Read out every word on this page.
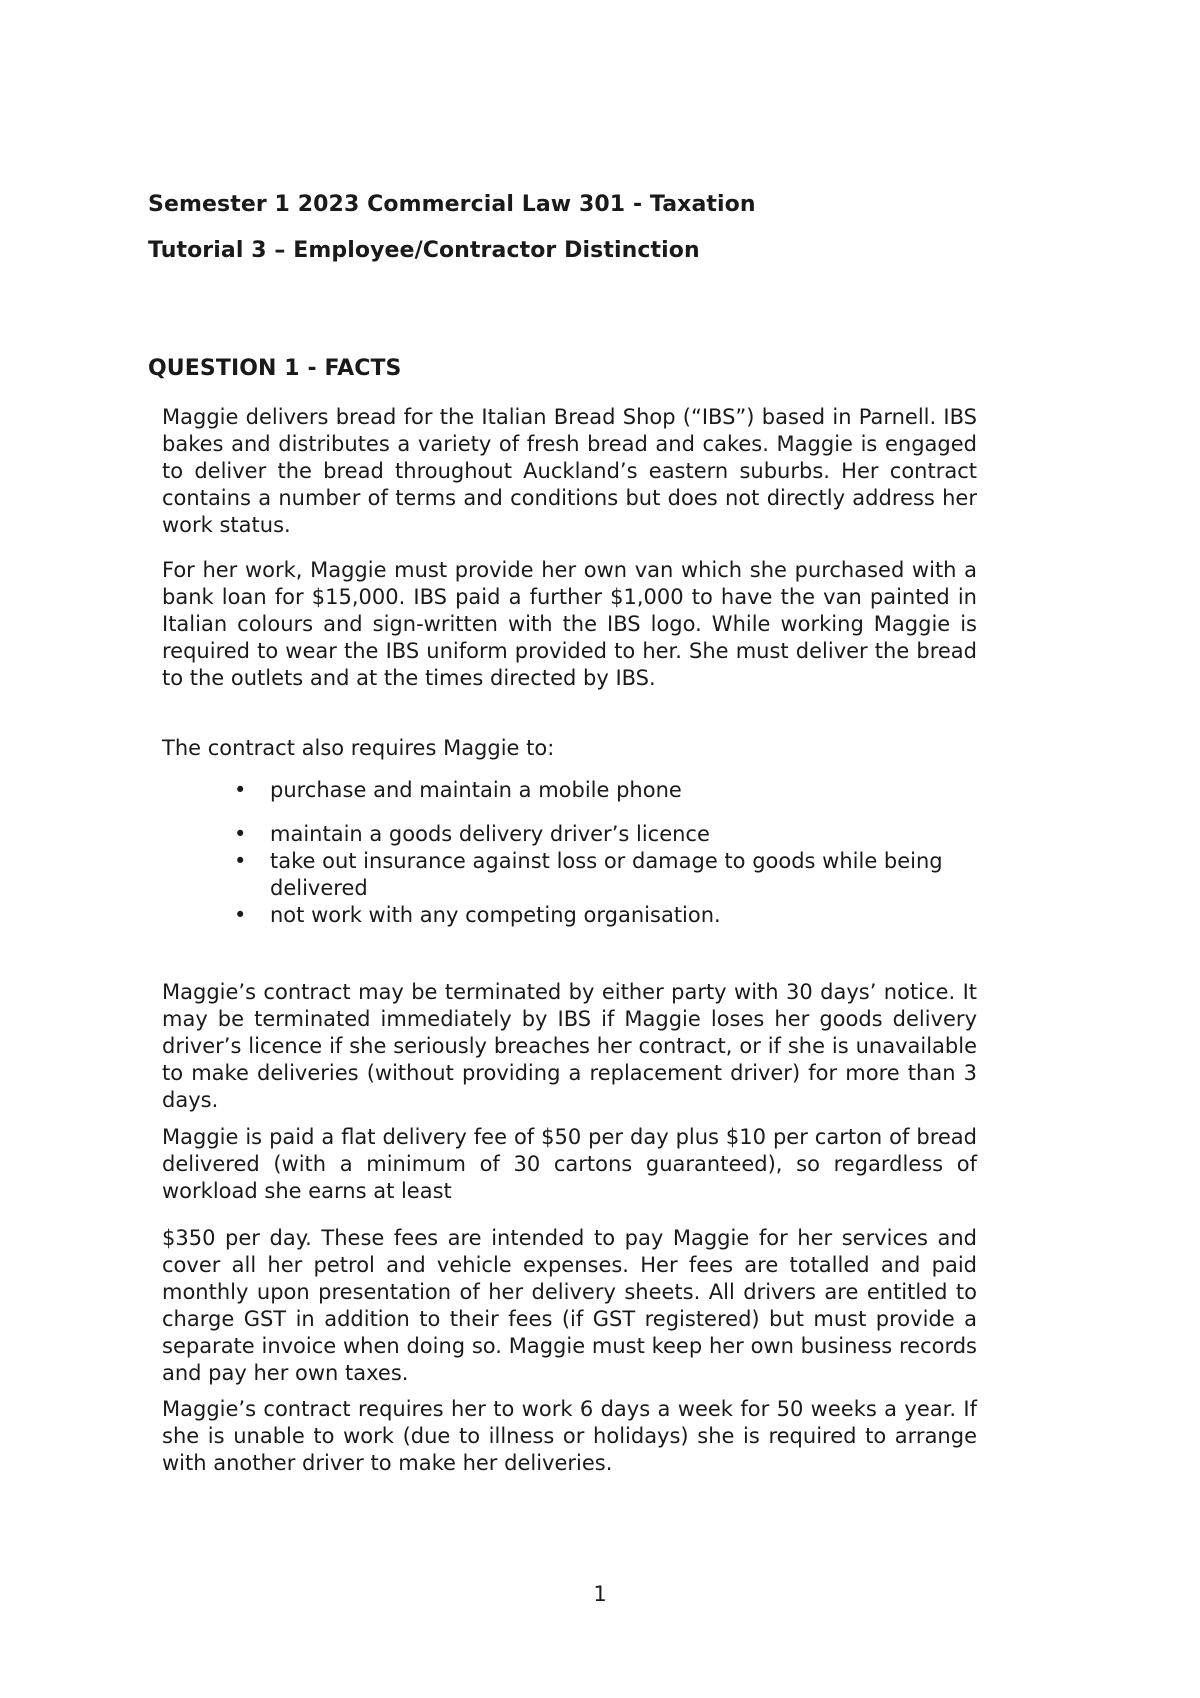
Semester 1 2023 Commercial Law 301 - Taxation
Tutorial 3 – Employee/Contractor Distinction
QUESTION 1 - FACTS

Maggie delivers bread for the Italian Bread Shop (“IBS”) based in Parnell. IBS bakes and distributes a variety of fresh bread and cakes. Maggie is engaged to deliver the bread throughout Auckland’s eastern suburbs. Her contract contains a number of terms and conditions but does not directly address her work status.

For her work, Maggie must provide her own van which she purchased with a bank loan for $15,000. IBS paid a further $1,000 to have the van painted in Italian colours and sign-written with the IBS logo. While working Maggie is required to wear the IBS uniform provided to her. She must deliver the bread to the outlets and at the times directed by IBS.

The contract also requires Maggie to:

• purchase and maintain a mobile phone
• maintain a goods delivery driver’s licence
• take out insurance against loss or damage to goods while being delivered
• not work with any competing organisation.

Maggie’s contract may be terminated by either party with 30 days’ notice. It may be terminated immediately by IBS if Maggie loses her goods delivery driver’s licence if she seriously breaches her contract, or if she is unavailable to make deliveries (without providing a replacement driver) for more than 3 days.

Maggie is paid a flat delivery fee of $50 per day plus $10 per carton of bread delivered (with a minimum of 30 cartons guaranteed), so regardless of workload she earns at least

$350 per day. These fees are intended to pay Maggie for her services and cover all her petrol and vehicle expenses. Her fees are totalled and paid monthly upon presentation of her delivery sheets. All drivers are entitled to charge GST in addition to their fees (if GST registered) but must provide a separate invoice when doing so. Maggie must keep her own business records and pay her own taxes.

Maggie’s contract requires her to work 6 days a week for 50 weeks a year. If she is unable to work (due to illness or holidays) she is required to arrange with another driver to make her deliveries.

1
